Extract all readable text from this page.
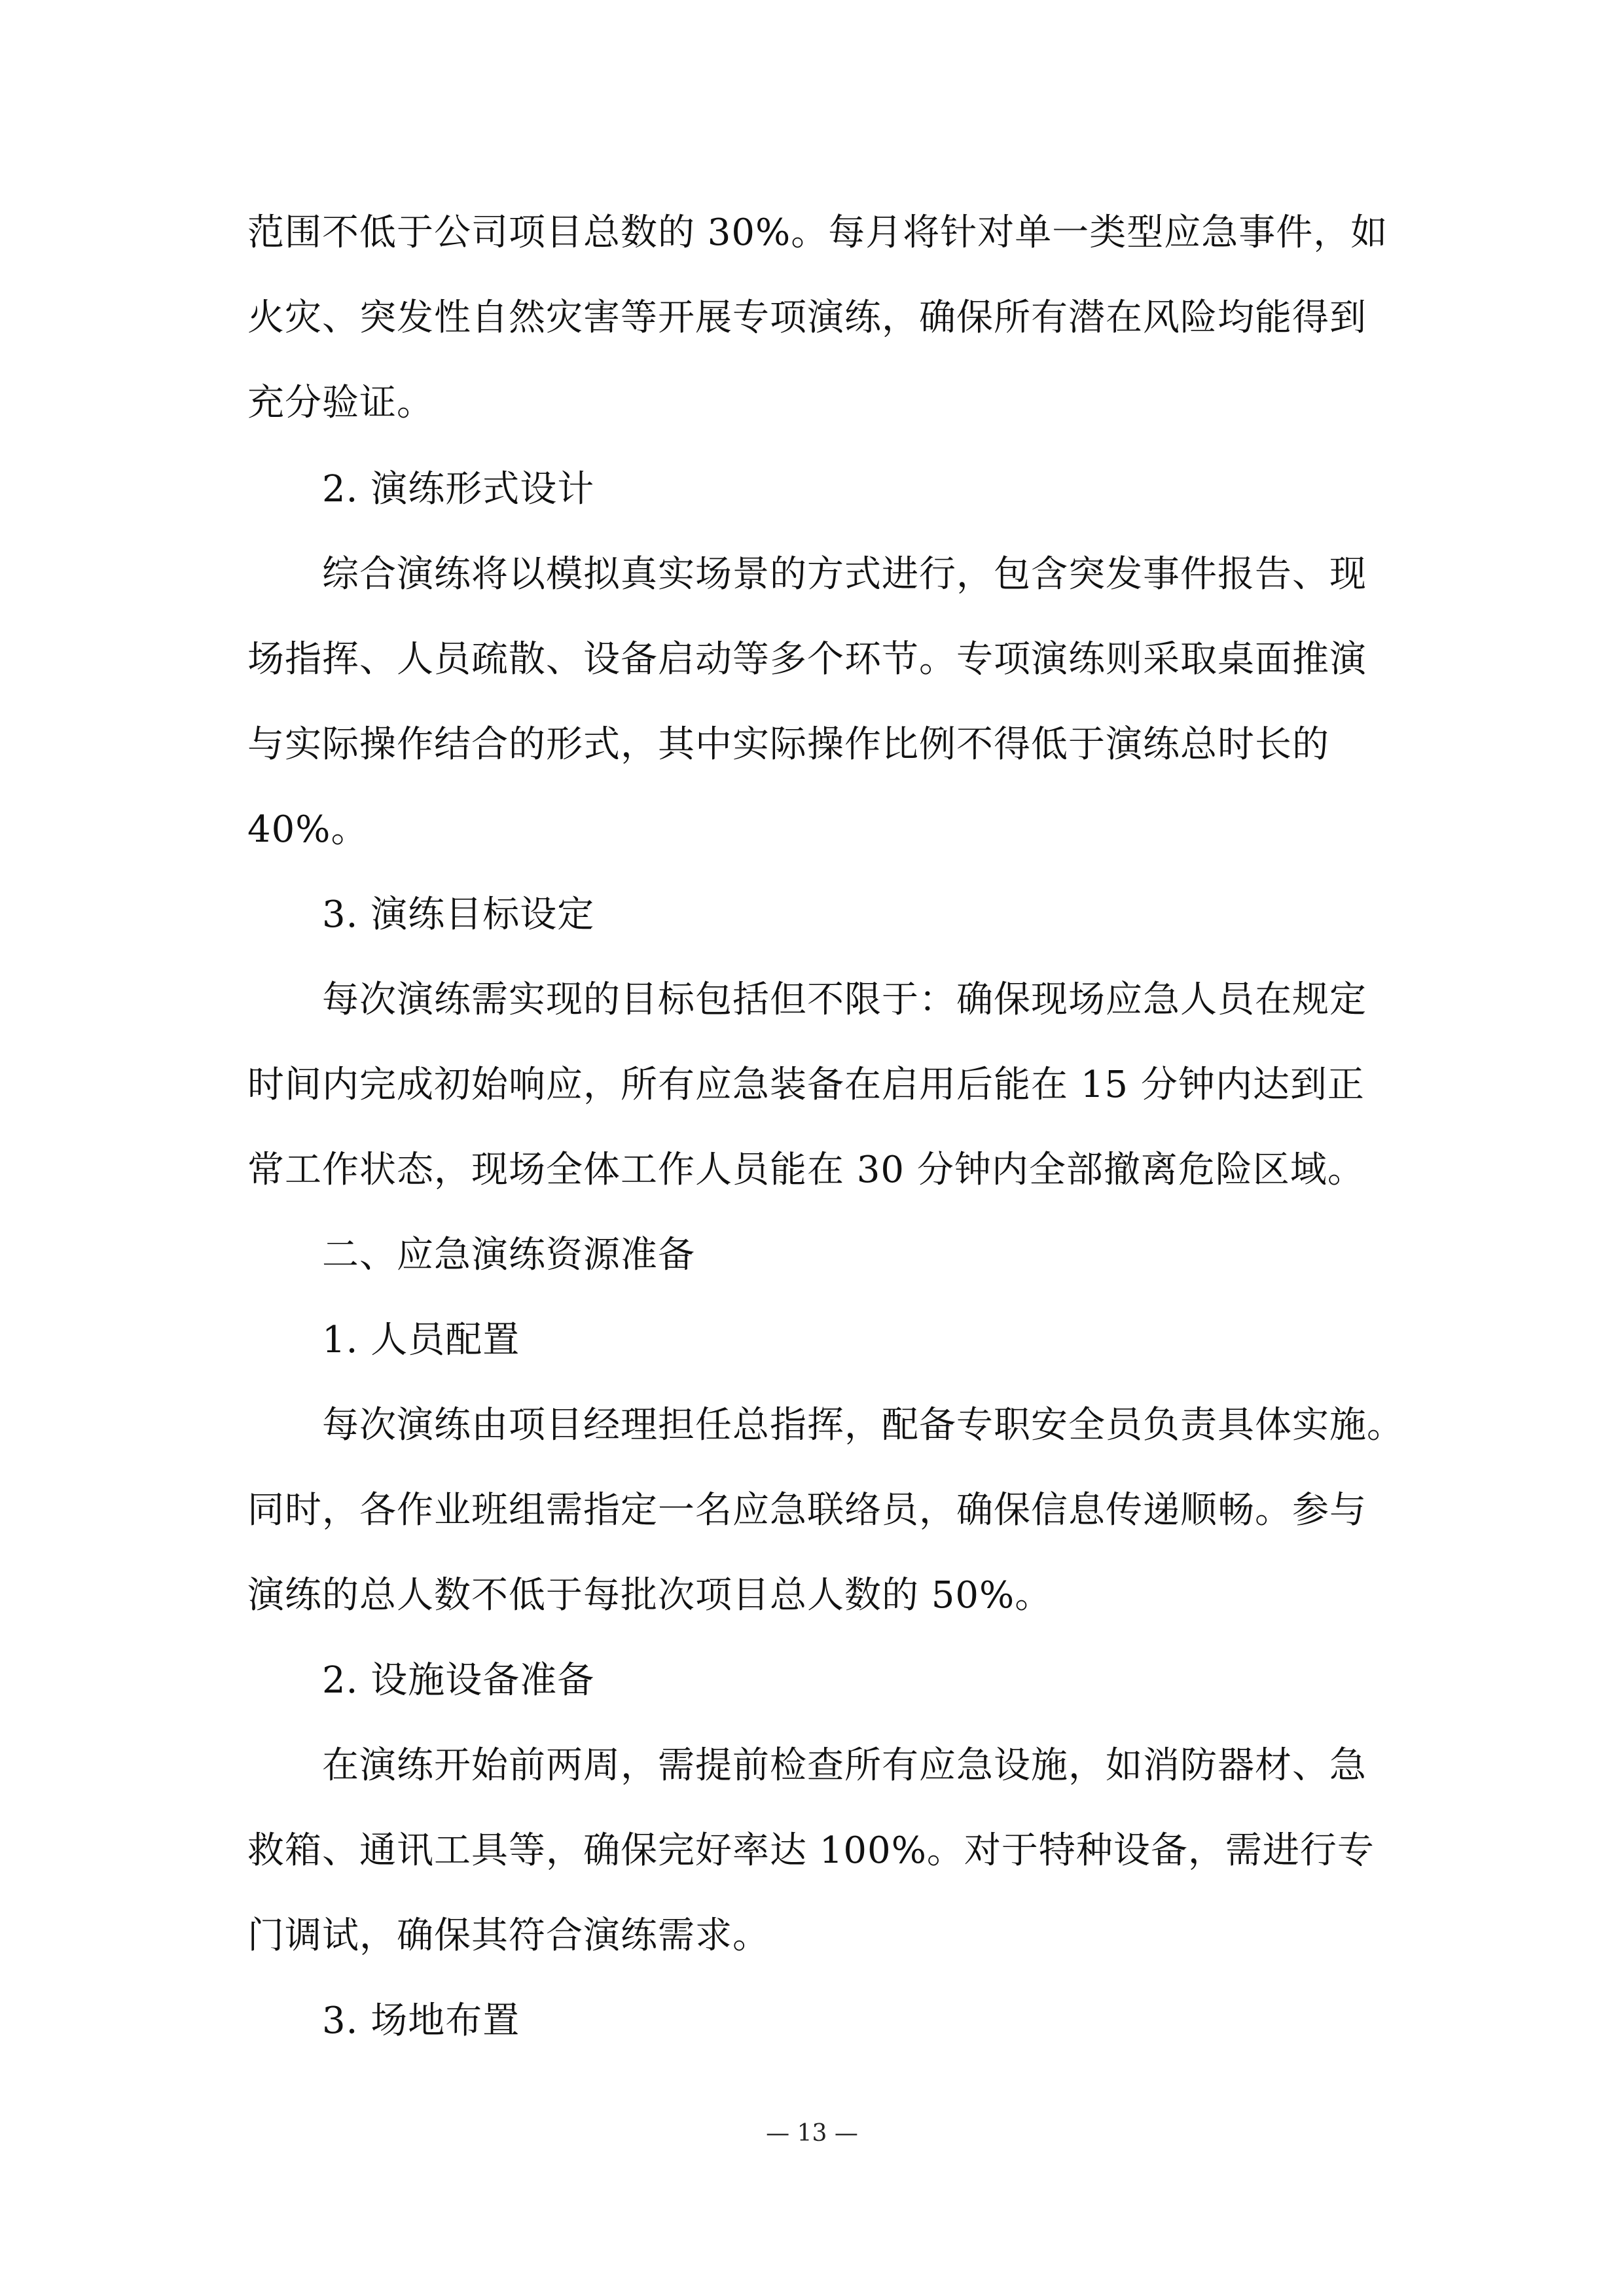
范围不低于公司项目总数的 30%。每月将针对单一类型应急事件，如
火灾、突发性自然灾害等开展专项演练，确保所有潜在风险均能得到
充分验证。
2. 演练形式设计
综合演练将以模拟真实场景的方式进行，包含突发事件报告、现
场指挥、人员疏散、设备启动等多个环节。专项演练则采取桌面推演
与实际操作结合的形式，其中实际操作比例不得低于演练总时长的
40%。
3. 演练目标设定
每次演练需实现的目标包括但不限于：确保现场应急人员在规定
时间内完成初始响应，所有应急装备在启用后能在 15 分钟内达到正
常工作状态，现场全体工作人员能在 30 分钟内全部撤离危险区域。
二、应急演练资源准备
1. 人员配置
每次演练由项目经理担任总指挥，配备专职安全员负责具体实施。
同时，各作业班组需指定一名应急联络员，确保信息传递顺畅。参与
演练的总人数不低于每批次项目总人数的 50%。
2. 设施设备准备
在演练开始前两周，需提前检查所有应急设施，如消防器材、急
救箱、通讯工具等，确保完好率达 100%。对于特种设备，需进行专
门调试，确保其符合演练需求。
3. 场地布置
— 13 —
